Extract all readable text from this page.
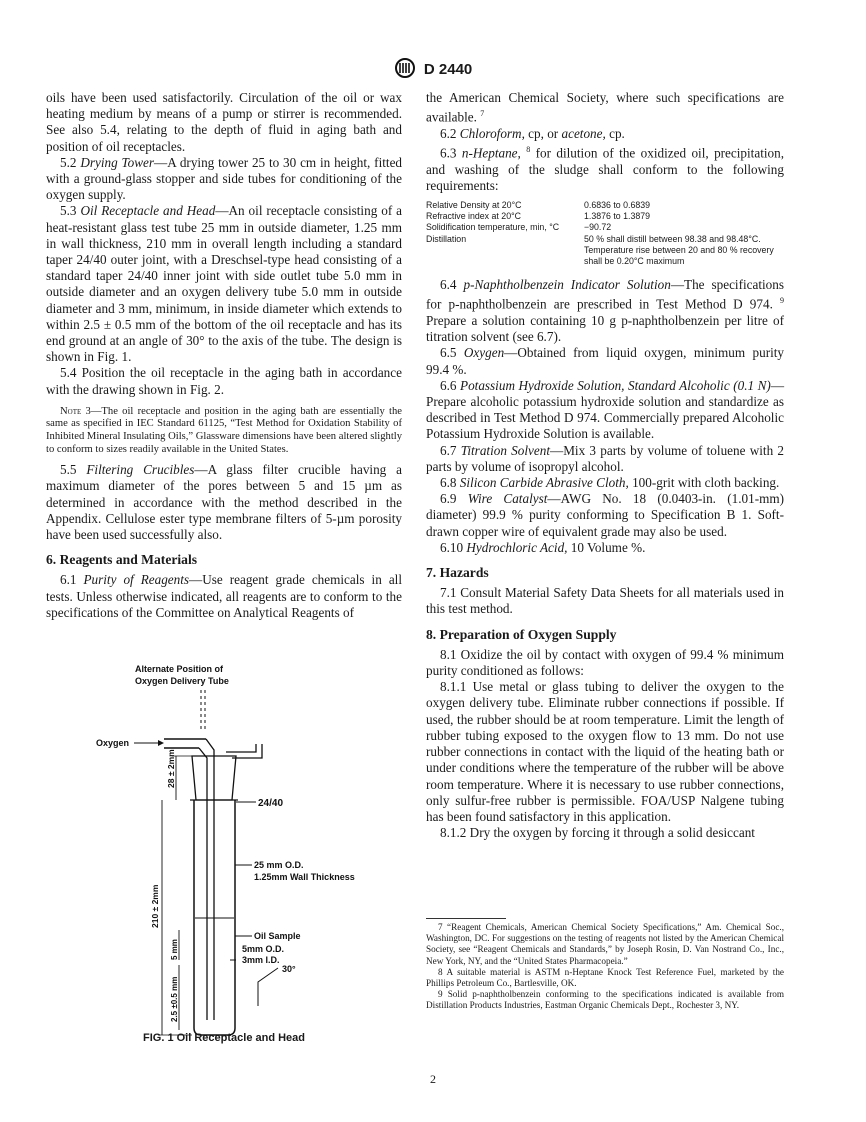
D 2440

oils have been used satisfactorily. Circulation of the oil or wax heating medium by means of a pump or stirrer is recommended. See also 5.4, relating to the depth of fluid in aging bath and position of oil receptacles.

5.2 Drying Tower—A drying tower 25 to 30 cm in height, fitted with a ground-glass stopper and side tubes for conditioning of the oxygen supply.

5.3 Oil Receptacle and Head—An oil receptacle consisting of a heat-resistant glass test tube 25 mm in outside diameter, 1.25 mm in wall thickness, 210 mm in overall length including a standard taper 24/40 outer joint, with a Dreschsel-type head consisting of a standard taper 24/40 inner joint with side outlet tube 5.0 mm in outside diameter and an oxygen delivery tube 5.0 mm in outside diameter and 3 mm, minimum, in inside diameter which extends to within 2.5 ± 0.5 mm of the bottom of the oil receptacle and has its end ground at an angle of 30° to the axis of the tube. The design is shown in Fig. 1.

5.4 Position the oil receptacle in the aging bath in accordance with the drawing shown in Fig. 2.

Note 3—The oil receptacle and position in the aging bath are essentially the same as specified in IEC Standard 61125, “Test Method for Oxidation Stability of Inhibited Mineral Insulating Oils,” Glassware dimensions have been altered slightly to conform to sizes readily available in the United States.

5.5 Filtering Crucibles—A glass filter crucible having a maximum diameter of the pores between 5 and 15 µm as determined in accordance with the method described in the Appendix. Cellulose ester type membrane filters of 5-µm porosity have been used successfully also.

6. Reagents and Materials

6.1 Purity of Reagents—Use reagent grade chemicals in all tests. Unless otherwise indicated, all reagents are to conform to the specifications of the Committee on Analytical Reagents of

Alternate Position of
Oxygen Delivery Tube
Oxygen
24/40
25 mm O.D.
1.25mm Wall Thickness
Oil Sample
5mm O.D.
3mm I.D.
30°
28 ± 2mm
210 ± 2mm
5 mm
2.5 ±0.5 mm
FIG. 1 Oil Receptacle and Head

the American Chemical Society, where such specifications are available. $^7$

6.2 Chloroform, cp, or acetone, cp.

6.3 n-Heptane, $^8$ for dilution of the oxidized oil, precipitation, and washing of the sludge shall conform to the following requirements:

Relative Density at 20°C	0.6836 to 0.6839
Refractive index at 20°C	1.3876 to 1.3879
Solidification temperature, min, °C	−90.72
Distillation	50 % shall distill between 98.38 and 98.48°C. Temperature rise between 20 and 80 % recovery shall be 0.20°C maximum

6.4 p-Naphtholbenzein Indicator Solution—The specifications for p-naphtholbenzein are prescribed in Test Method D 974. $^9$ Prepare a solution containing 10 g p-naphtholbenzein per litre of titration solvent (see 6.7).

6.5 Oxygen—Obtained from liquid oxygen, minimum purity 99.4 %.

6.6 Potassium Hydroxide Solution, Standard Alcoholic (0.1 N)—Prepare alcoholic potassium hydroxide solution and standardize as described in Test Method D 974. Commercially prepared Alcoholic Potassium Hydroxide Solution is available.

6.7 Titration Solvent—Mix 3 parts by volume of toluene with 2 parts by volume of isopropyl alcohol.

6.8 Silicon Carbide Abrasive Cloth, 100-grit with cloth backing.

6.9 Wire Catalyst—AWG No. 18 (0.0403-in. (1.01-mm) diameter) 99.9 % purity conforming to Specification B 1. Soft-drawn copper wire of equivalent grade may also be used.

6.10 Hydrochloric Acid, 10 Volume %.

7. Hazards

7.1 Consult Material Safety Data Sheets for all materials used in this test method.

8. Preparation of Oxygen Supply

8.1 Oxidize the oil by contact with oxygen of 99.4 % minimum purity conditioned as follows:

8.1.1 Use metal or glass tubing to deliver the oxygen to the oxygen delivery tube. Eliminate rubber connections if possible. If used, the rubber should be at room temperature. Limit the length of rubber tubing exposed to the oxygen flow to 13 mm. Do not use rubber connections in contact with the liquid of the heating bath or under conditions where the temperature of the rubber will be above room temperature. Where it is necessary to use rubber connections, only sulfur-free rubber is permissible. FOA/USP Nalgene tubing has been found satisfactory in this application.

8.1.2 Dry the oxygen by forcing it through a solid desiccant

7 “Reagent Chemicals, American Chemical Society Specifications,” Am. Chemical Soc., Washington, DC. For suggestions on the testing of reagents not listed by the American Chemical Society, see “Reagent Chemicals and Standards,” by Joseph Rosin, D. Van Nostrand Co., Inc., New York, NY, and the “United States Pharmacopeia.”

8 A suitable material is ASTM n-Heptane Knock Test Reference Fuel, marketed by the Phillips Petroleum Co., Bartlesville, OK.

9 Solid p-naphtholbenzein conforming to the specifications indicated is available from Distillation Products Industries, Eastman Organic Chemicals Dept., Rochester 3, NY.

2
